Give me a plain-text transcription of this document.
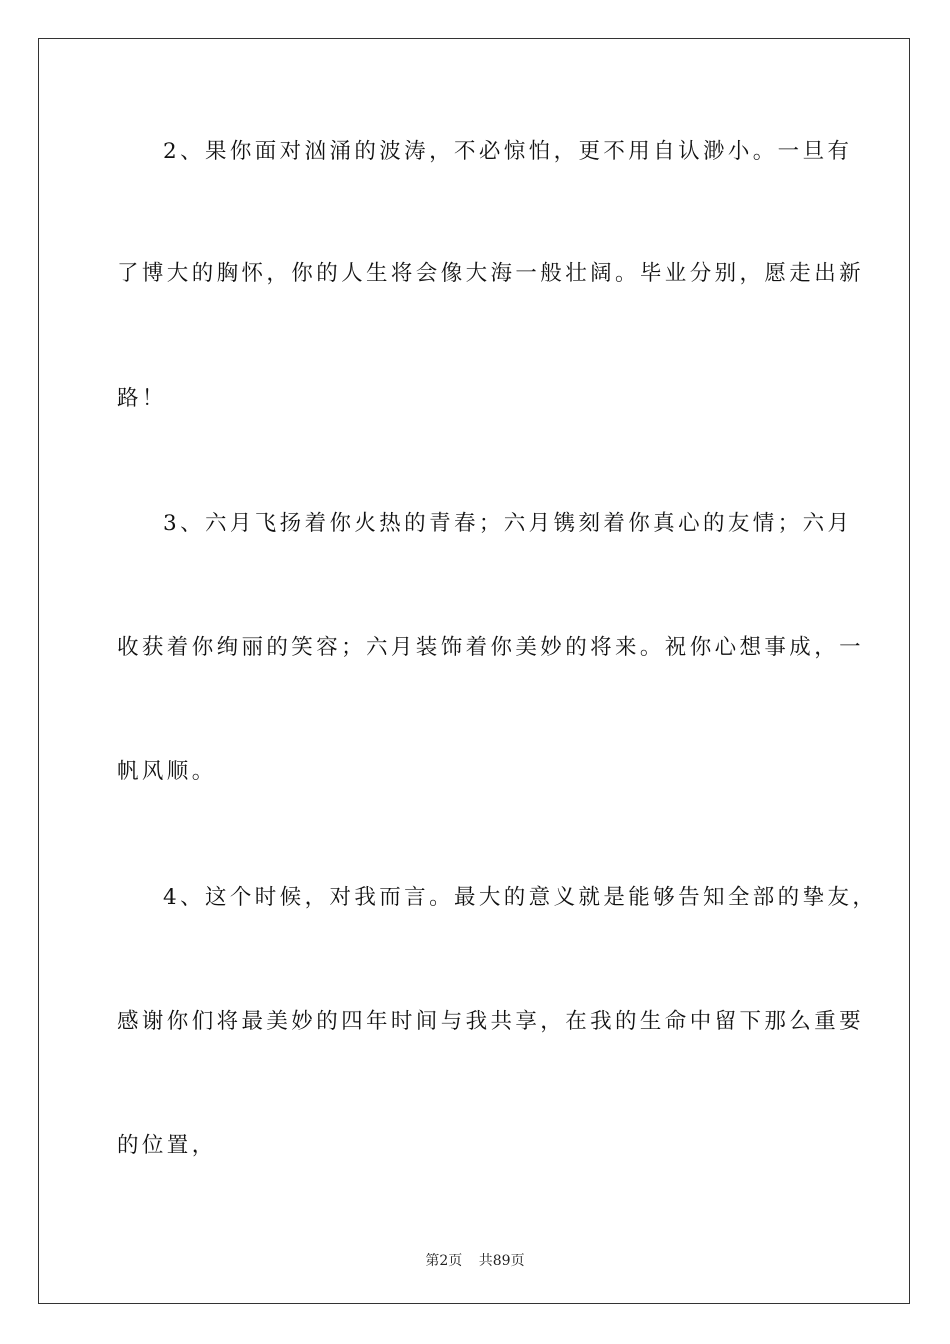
2、果你面对汹涌的波涛，不必惊怕，更不用自认渺小。一旦有
了博大的胸怀，你的人生将会像大海一般壮阔。毕业分别，愿走出新
路！
3、六月飞扬着你火热的青春；六月镌刻着你真心的友情；六月
收获着你绚丽的笑容；六月装饰着你美妙的将来。祝你心想事成，一
帆风顺。
4、这个时候，对我而言。最大的意义就是能够告知全部的挚友，
感谢你们将最美妙的四年时间与我共享，在我的生命中留下那么重要
的位置，
第2页 共89页
